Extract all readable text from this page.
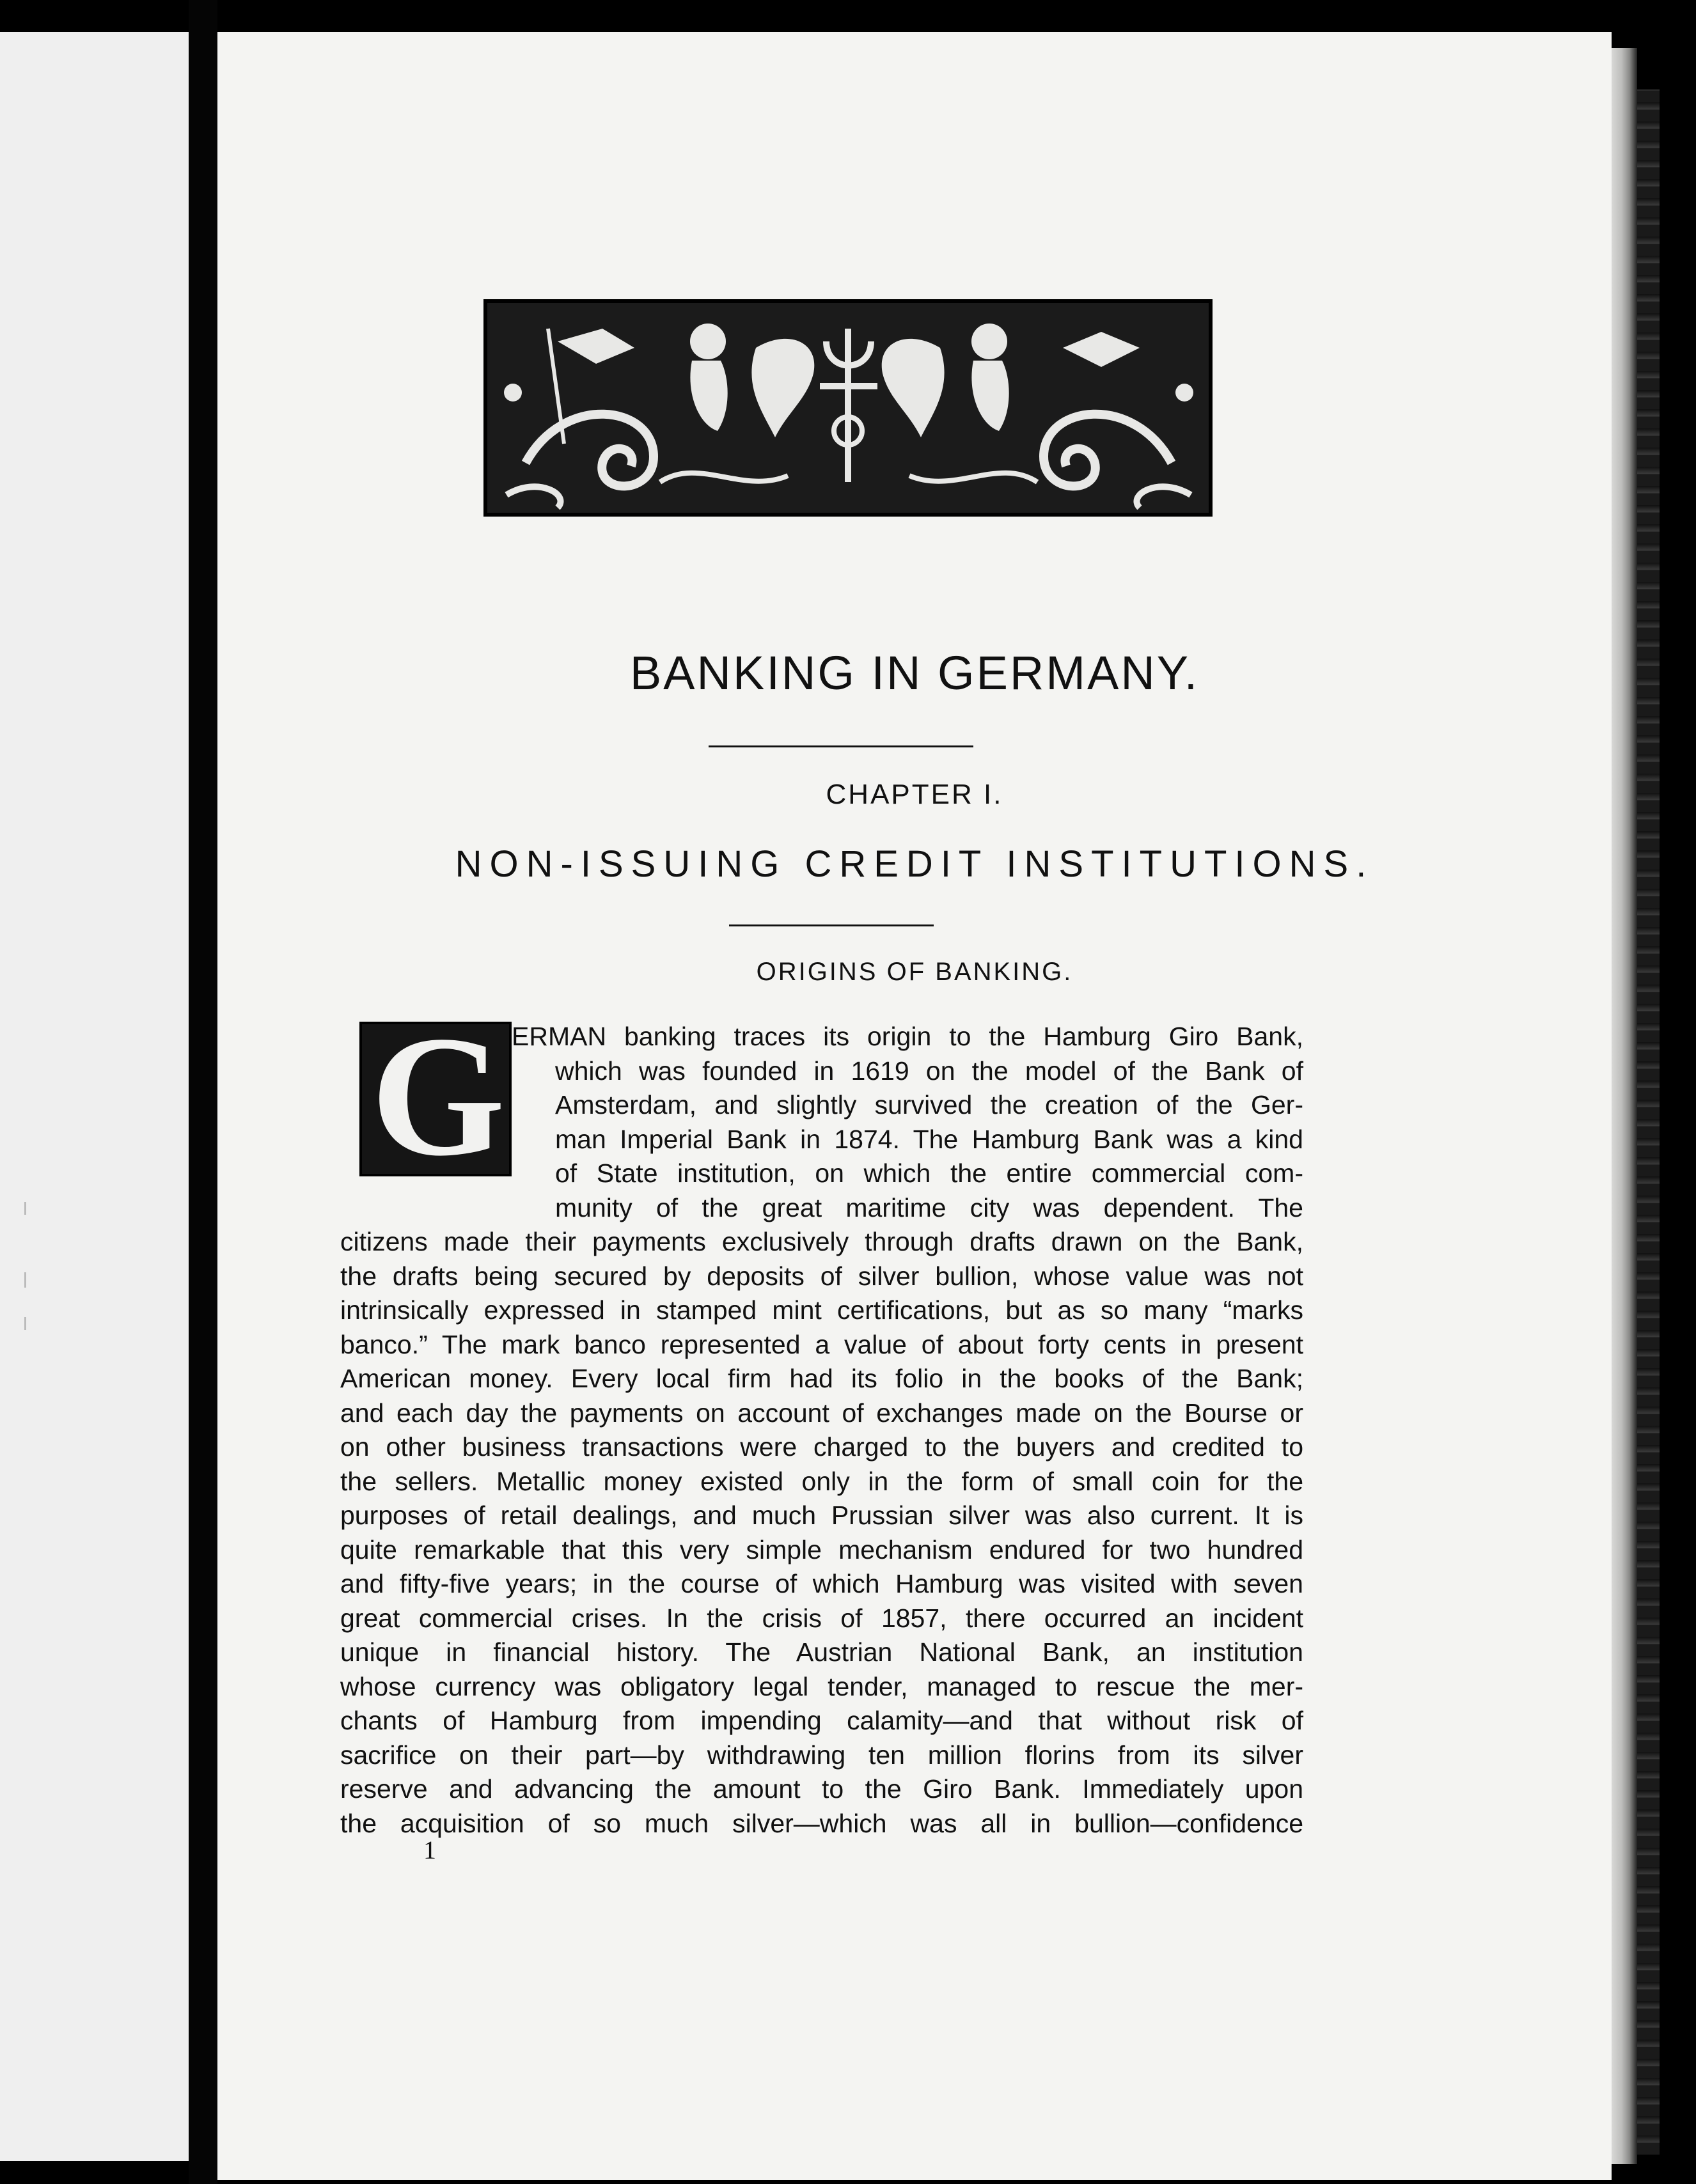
BANKING IN GERMANY.
CHAPTER I.
NON-ISSUING CREDIT INSTITUTIONS.
ORIGINS OF BANKING.
G ERMAN banking traces its origin to the Hamburg Giro Bank,
which was founded in 1619 on the model of the Bank of
Amsterdam, and slightly survived the creation of the Ger-
man Imperial Bank in 1874. The Hamburg Bank was a kind
of State institution, on which the entire commercial com-
munity of the great maritime city was dependent. The
citizens made their payments exclusively through drafts drawn on the Bank,
the drafts being secured by deposits of silver bullion, whose value was not
intrinsically expressed in stamped mint certifications, but as so many “marks
banco.” The mark banco represented a value of about forty cents in present
American money. Every local firm had its folio in the books of the Bank;
and each day the payments on account of exchanges made on the Bourse or
on other business transactions were charged to the buyers and credited to
the sellers. Metallic money existed only in the form of small coin for the
purposes of retail dealings, and much Prussian silver was also current. It is
quite remarkable that this very simple mechanism endured for two hundred
and fifty-five years; in the course of which Hamburg was visited with seven
great commercial crises. In the crisis of 1857, there occurred an incident
unique in financial history. The Austrian National Bank, an institution
whose currency was obligatory legal tender, managed to rescue the mer-
chants of Hamburg from impending calamity—and that without risk of
sacrifice on their part—by withdrawing ten million florins from its silver
reserve and advancing the amount to the Giro Bank. Immediately upon
the acquisition of so much silver—which was all in bullion—confidence
1
